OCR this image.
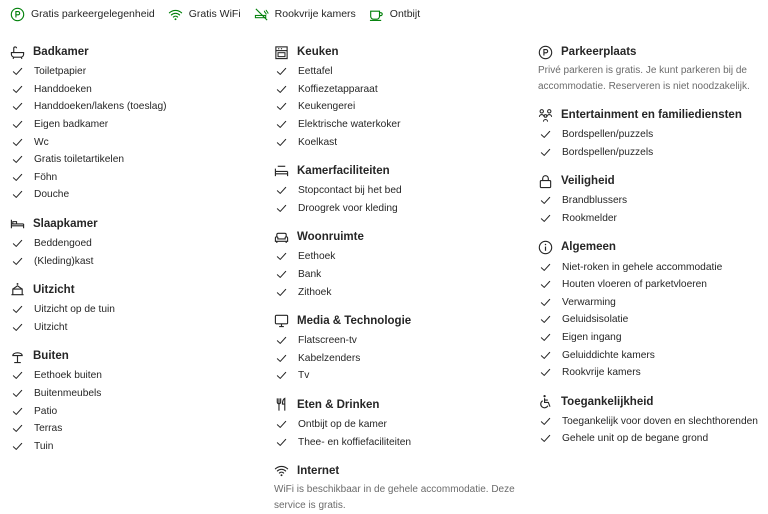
Gratis parkeergelegenheid	Gratis WiFi	Rookvrije kamers	Ontbijt
Badkamer
Toiletpapier
Handdoeken
Handdoeken/lakens (toeslag)
Eigen badkamer
Wc
Gratis toiletartikelen
Föhn
Douche
Slaapkamer
Beddengoed
(Kleding)kast
Uitzicht
Uitzicht op de tuin
Uitzicht
Buiten
Eethoek buiten
Buitenmeubels
Patio
Terras
Tuin
Keuken
Eettafel
Koffiezetapparaat
Keukengerei
Elektrische waterkoker
Koelkast
Kamerfaciliteiten
Stopcontact bij het bed
Droogrek voor kleding
Woonruimte
Eethoek
Bank
Zithoek
Media & Technologie
Flatscreen-tv
Kabelzenders
Tv
Eten & Drinken
Ontbijt op de kamer
Thee- en koffiefaciliteiten
Internet
WiFi is beschikbaar in de gehele accommodatie. Deze service is gratis.
Parkeerplaats
Privé parkeren is gratis. Je kunt parkeren bij de accommodatie. Reserveren is niet noodzakelijk.
Entertainment en familiediensten
Bordspellen/puzzels
Bordspellen/puzzels
Veiligheid
Brandblussers
Rookmelder
Algemeen
Niet-roken in gehele accommodatie
Houten vloeren of parketvloeren
Verwarming
Geluidsisolatie
Eigen ingang
Geluiddichte kamers
Rookvrije kamers
Toegankelijkheid
Toegankelijk voor doven en slechthorenden
Gehele unit op de begane grond
